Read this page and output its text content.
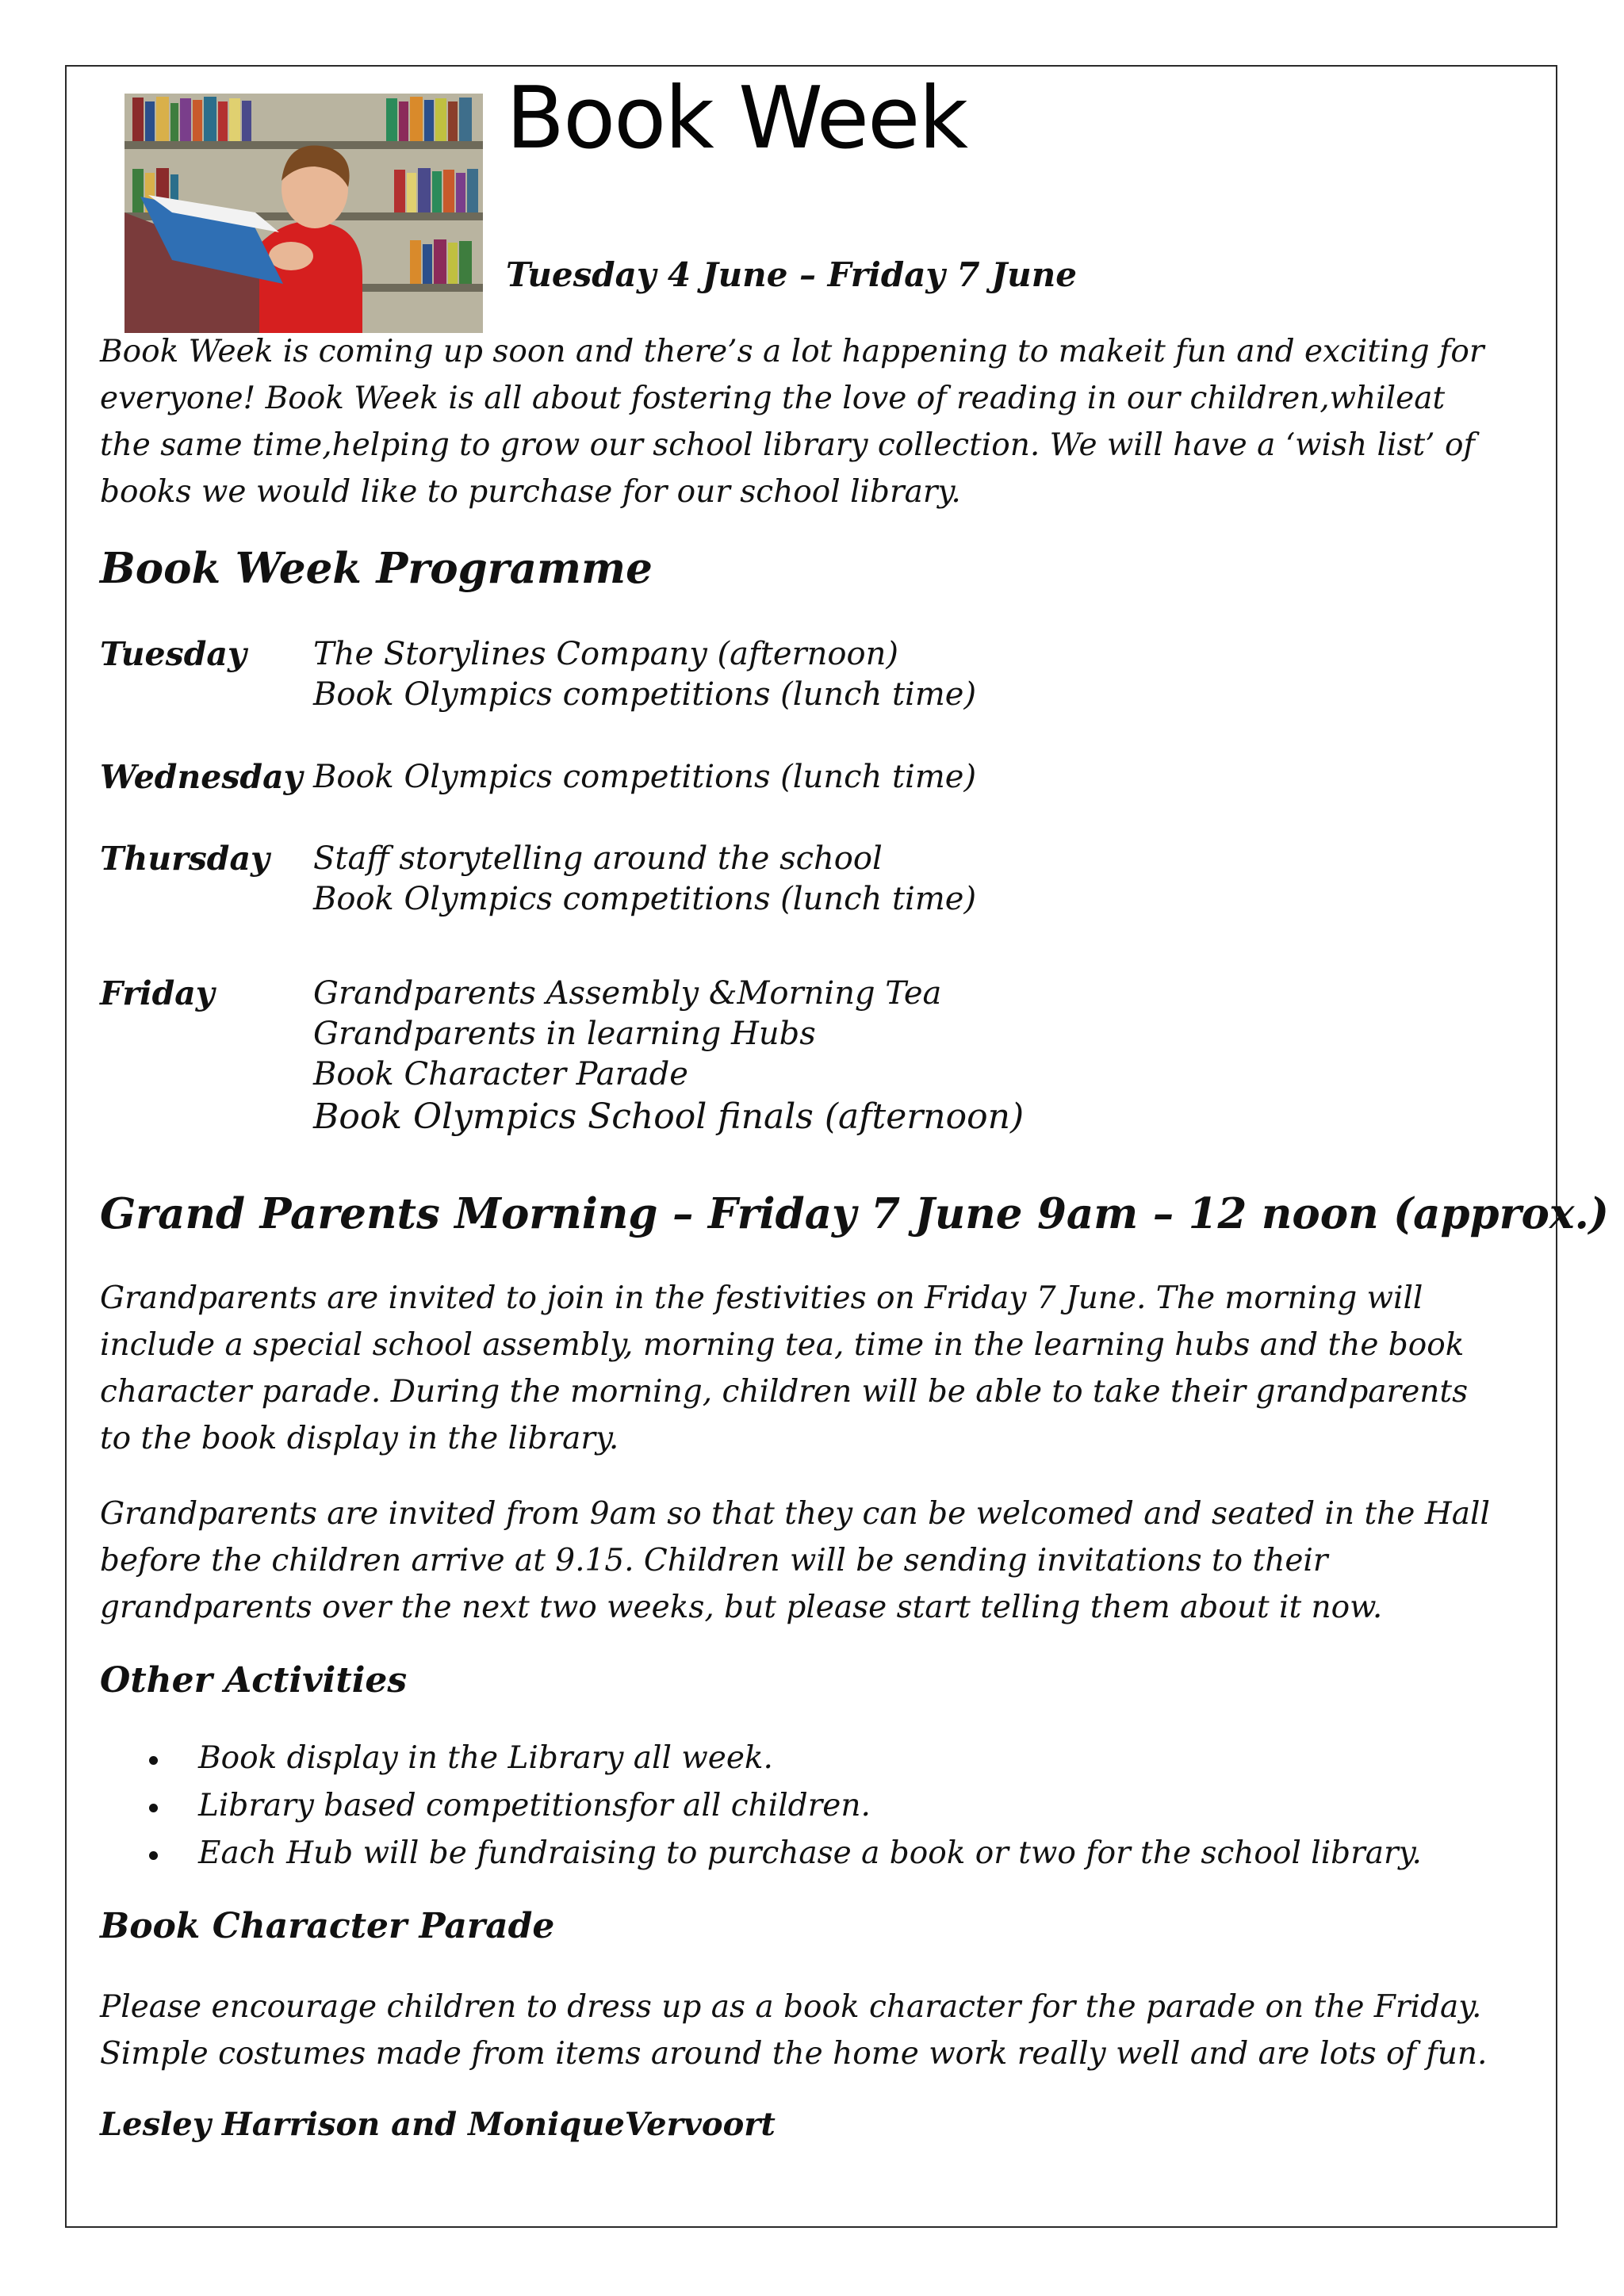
Book Week
Tuesday 4 June – Friday 7 June
Book Week is coming up soon and there’s a lot happening to makeit fun and exciting for
everyone! Book Week is all about fostering the love of reading in our children,whileat
the same time,helping to grow our school library collection. We will have a ‘wish list’ of
books we would like to purchase for our school library.
Book Week Programme
Tuesday The Storylines Company (afternoon)
Book Olympics competitions (lunch time)
Wednesday Book Olympics competitions (lunch time)
Thursday Staff storytelling around the school
Book Olympics competitions (lunch time)
Friday	Grandparents Assembly &Morning Tea
Grandparents in learning Hubs
Book Character Parade
Book Olympics School finals (afternoon)
Grand Parents Morning – Friday 7 June 9am – 12 noon (approx.)
Grandparents are invited to join in the festivities on Friday 7 June. The morning will
include a special school assembly, morning tea, time in the learning hubs and the book
character parade. During the morning, children will be able to take their grandparents
to the book display in the library.
Grandparents are invited from 9am so that they can be welcomed and seated in the Hall
before the children arrive at 9.15. Children will be sending invitations to their
grandparents over the next two weeks, but please start telling them about it now.
Other Activities
Book display in the Library all week.
Library based competitionsfor all children.
Each Hub will be fundraising to purchase a book or two for the school library.
Book Character Parade
Please encourage children to dress up as a book character for the parade on the Friday.
Simple costumes made from items around the home work really well and are lots of fun.
Lesley Harrison and MoniqueVervoort
